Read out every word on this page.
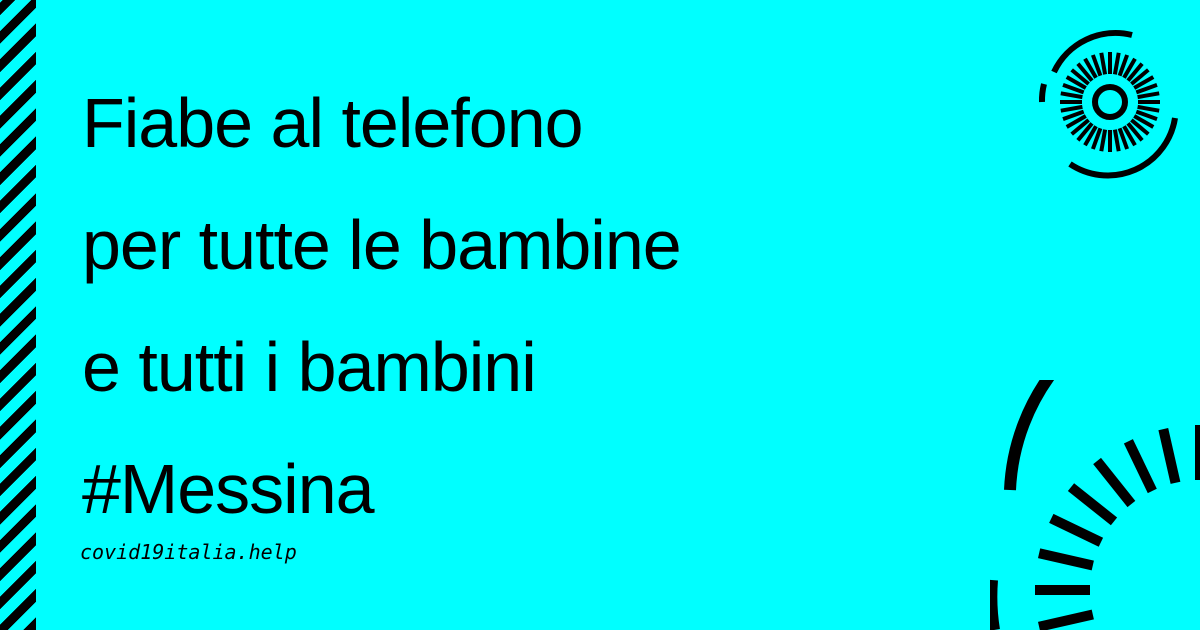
Fiabe al telefono
per tutte le bambine
e tutti i bambini
#Messina
covid19italia.help
